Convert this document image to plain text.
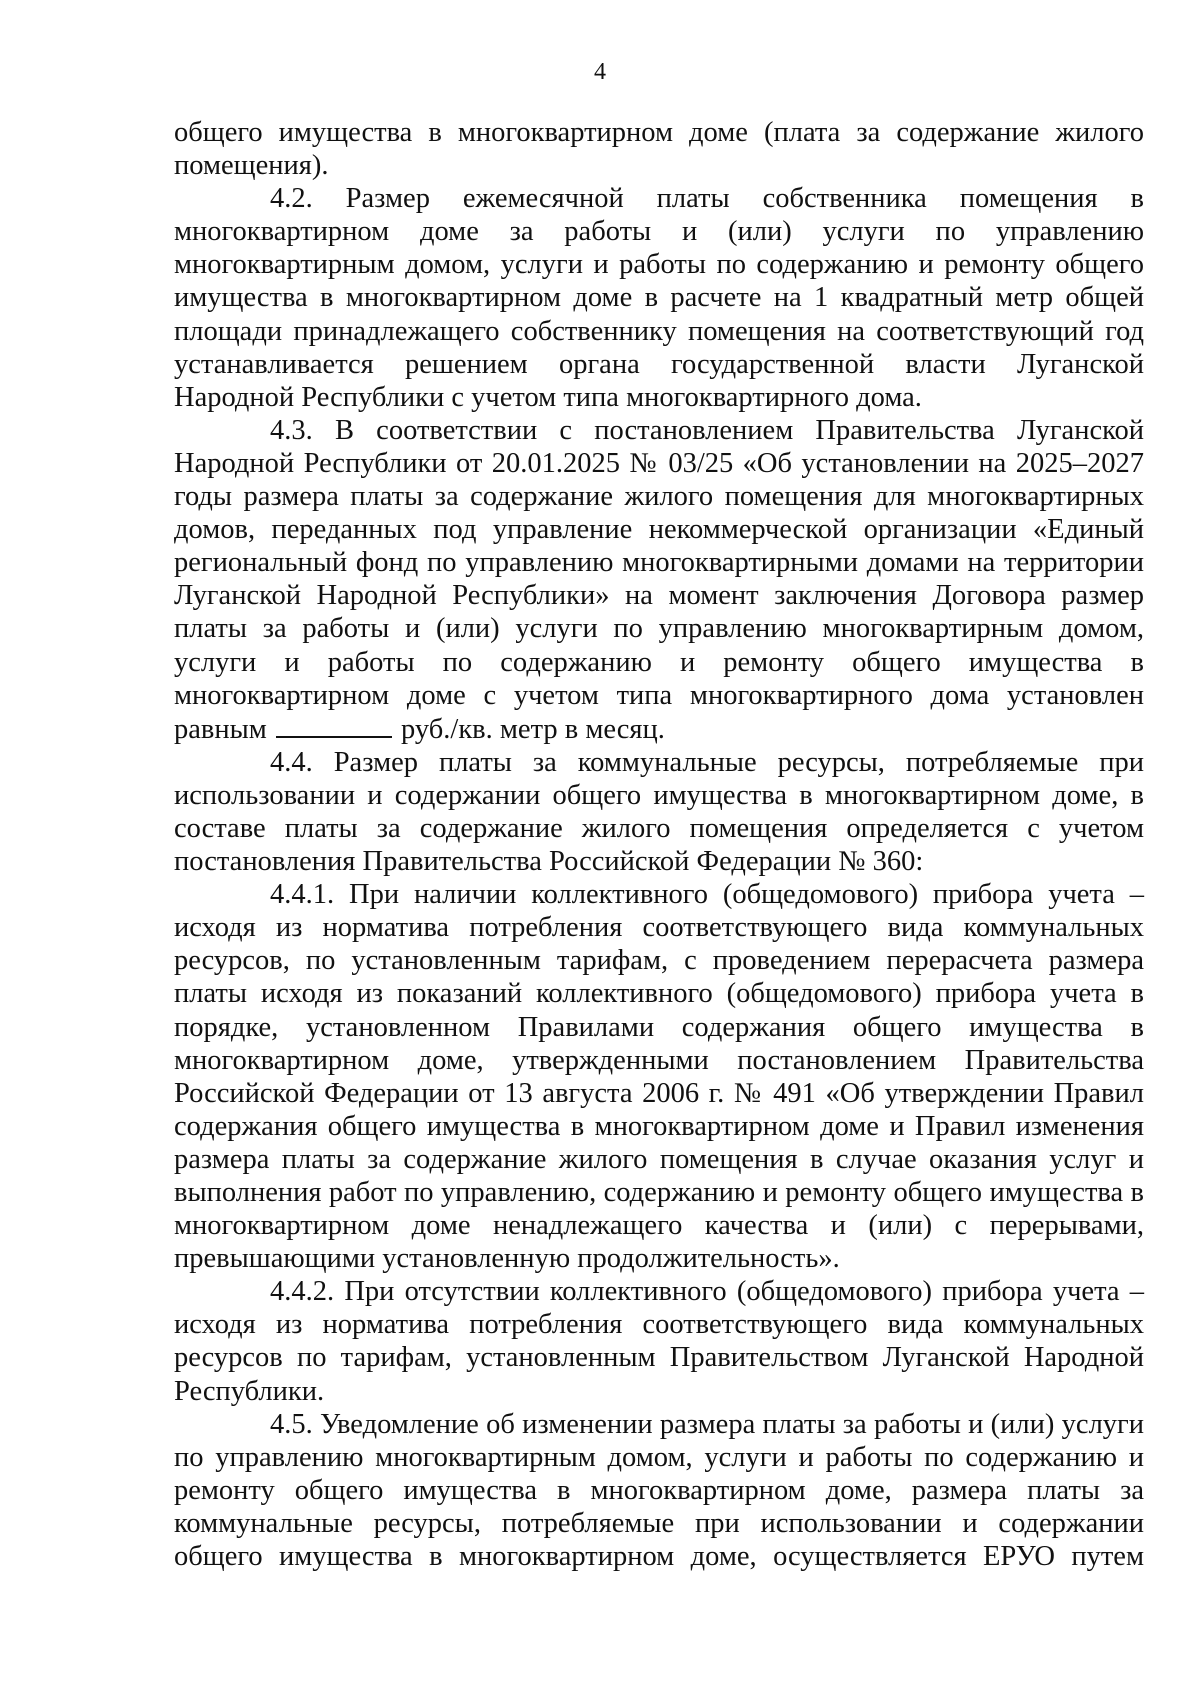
4

общего имущества в многоквартирном доме (плата за содержание жилого помещения).

4.2. Размер ежемесячной платы собственника помещения в многоквартирном доме за работы и (или) услуги по управлению многоквартирным домом, услуги и работы по содержанию и ремонту общего имущества в многоквартирном доме в расчете на 1 квадратный метр общей площади принадлежащего собственнику помещения на соответствующий год устанавливается решением органа государственной власти Луганской Народной Республики с учетом типа многоквартирного дома.

4.3. В соответствии с постановлением Правительства Луганской Народной Республики от 20.01.2025 № 03/25 «Об установлении на 2025–2027 годы размера платы за содержание жилого помещения для многоквартирных домов, переданных под управление некоммерческой организации «Единый региональный фонд по управлению многоквартирными домами на территории Луганской Народной Республики» на момент заключения Договора размер платы за работы и (или) услуги по управлению многоквартирным домом, услуги и работы по содержанию и ремонту общего имущества в многоквартирном доме с учетом типа многоквартирного дома установлен равным	руб./кв. метр в месяц.

4.4. Размер платы за коммунальные ресурсы, потребляемые при использовании и содержании общего имущества в многоквартирном доме, в составе платы за содержание жилого помещения определяется с учетом постановления Правительства Российской Федерации № 360:

4.4.1. При наличии коллективного (общедомового) прибора учета – исходя из норматива потребления соответствующего вида коммунальных ресурсов, по установленным тарифам, с проведением перерасчета размера платы исходя из показаний коллективного (общедомового) прибора учета в порядке, установленном Правилами содержания общего имущества в многоквартирном доме, утвержденными постановлением Правительства Российской Федерации от 13 августа 2006 г. № 491 «Об утверждении Правил содержания общего имущества в многоквартирном доме и Правил изменения размера платы за содержание жилого помещения в случае оказания услуг и выполнения работ по управлению, содержанию и ремонту общего имущества в многоквартирном доме ненадлежащего качества и (или) с перерывами, превышающими установленную продолжительность».

4.4.2. При отсутствии коллективного (общедомового) прибора учета – исходя из норматива потребления соответствующего вида коммунальных ресурсов по тарифам, установленным Правительством Луганской Народной Республики.

4.5. Уведомление об изменении размера платы за работы и (или) услуги по управлению многоквартирным домом, услуги и работы по содержанию и ремонту общего имущества в многоквартирном доме, размера платы за коммунальные ресурсы, потребляемые при использовании и содержании общего имущества в многоквартирном доме, осуществляется ЕРУО путем
